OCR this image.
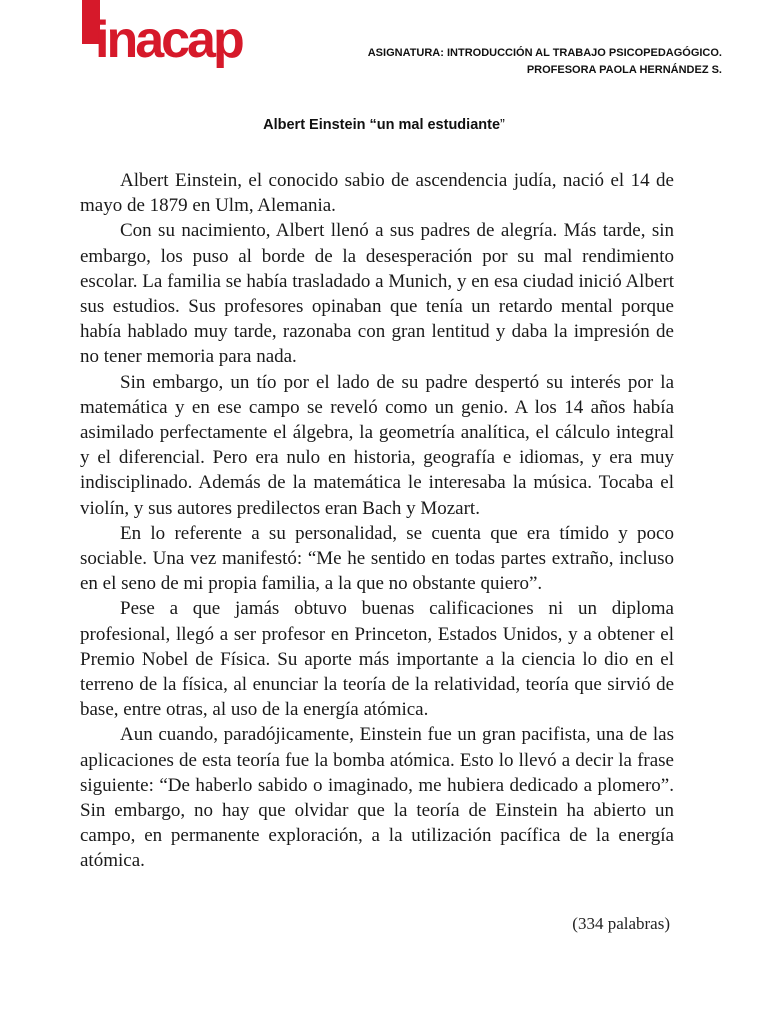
inacap	ASIGNATURA: INTRODUCCIÓN AL TRABAJO PSICOPEDAGÓGICO.
PROFESORA PAOLA HERNÁNDEZ S.
Albert Einstein “un mal estudiante”

Albert Einstein, el conocido sabio de ascendencia judía, nació el 14 de mayo de 1879 en Ulm, Alemania.

Con su nacimiento, Albert llenó a sus padres de alegría. Más tarde, sin embargo, los puso al borde de la desesperación por su mal rendimiento escolar. La familia se había trasladado a Munich, y en esa ciudad inició Albert sus estudios. Sus profesores opinaban que tenía un retardo mental porque había hablado muy tarde, razonaba con gran lentitud y daba la impresión de no tener memoria para nada.

Sin embargo, un tío por el lado de su padre despertó su interés por la matemática y en ese campo se reveló como un genio. A los 14 años había asimilado perfectamente el álgebra, la geometría analítica, el cálculo integral y el diferencial. Pero era nulo en historia, geografía e idiomas, y era muy indisciplinado. Además de la matemática le interesaba la música. Tocaba el violín, y sus autores predilectos eran Bach y Mozart.

En lo referente a su personalidad, se cuenta que era tímido y poco sociable. Una vez manifestó: “Me he sentido en todas partes extraño, incluso en el seno de mi propia familia, a la que no obstante quiero”.

Pese a que jamás obtuvo buenas calificaciones ni un diploma profesional, llegó a ser profesor en Princeton, Estados Unidos, y a obtener el Premio Nobel de Física. Su aporte más importante a la ciencia lo dio en el terreno de la física, al enunciar la teoría de la relatividad, teoría que sirvió de base, entre otras, al uso de la energía atómica.

Aun cuando, paradójicamente, Einstein fue un gran pacifista, una de las aplicaciones de esta teoría fue la bomba atómica. Esto lo llevó a decir la frase siguiente: “De haberlo sabido o imaginado, me hubiera dedicado a plomero”. Sin embargo, no hay que olvidar que la teoría de Einstein ha abierto un campo, en permanente exploración, a la utilización pacífica de la energía atómica.

(334 palabras)
